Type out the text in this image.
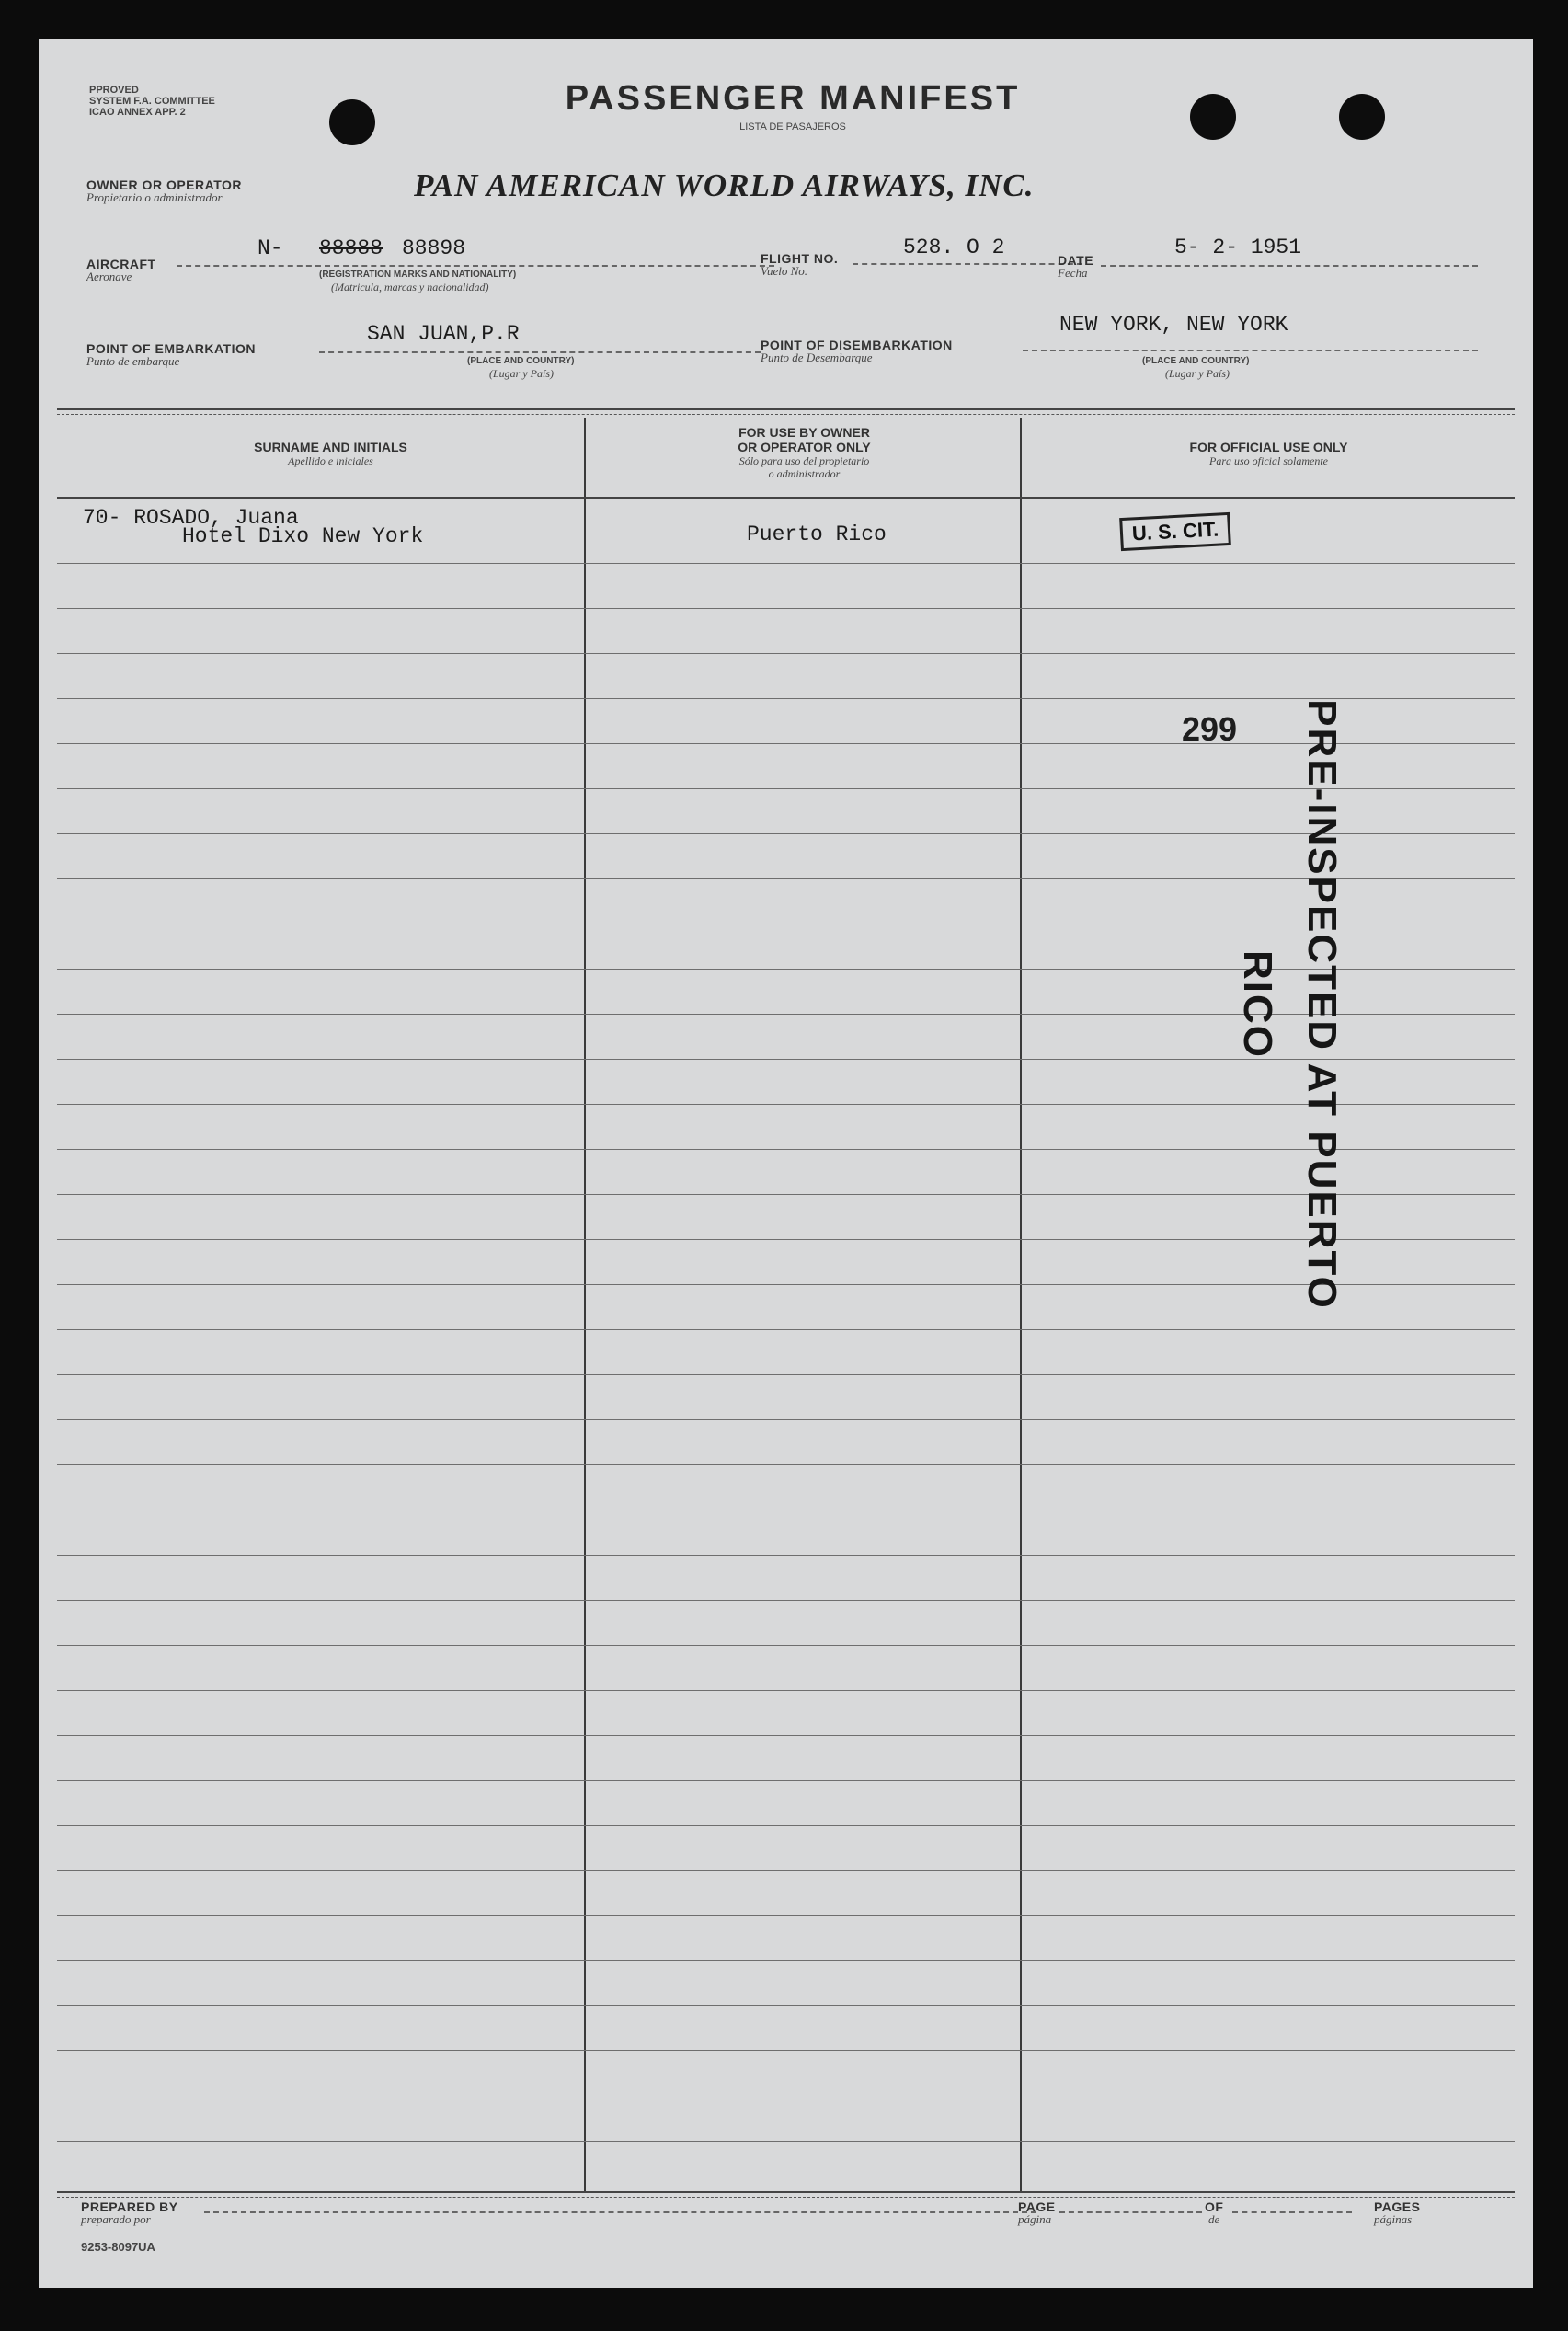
PPROVED
SYSTEM F.A. COMMITTEE
ICAO ANNEX APP. 2	PASSENGER MANIFEST
LISTA DE PASAJEROS
OWNER OR OPERATOR
Propietario o administrador	PAN AMERICAN WORLD AIRWAYS, INC.
AIRCRAFT
Aeronave
N- 88888 88898
(REGISTRATION MARKS AND NATIONALITY)
(Matricula, marcas y nacionalidad)
FLIGHT NO.
Vuelo No.
528. O 2
DATE
Fecha
5- 2- 1951
POINT OF EMBARKATION
Punto de embarque
SAN JUAN,P.R
(PLACE AND COUNTRY)
(Lugar y País)
POINT OF DISEMBARKATION
Punto de Desembarque
NEW YORK, NEW YORK
(PLACE AND COUNTRY)
(Lugar y País)
SURNAME AND INITIALS
Apellido e iniciales
FOR USE BY OWNER
OR OPERATOR ONLY
Sólo para uso del propietario
o administrador
FOR OFFICIAL USE ONLY
Para uso oficial solamente
70- ROSADO, Juana
Hotel Dixo New York	Puerto Rico	U. S. CIT.
299 PRE-INSPECTED AT PUERTO RICO
PREPARED BY
preparado por
PAGE
página
OF
de
PAGES
páginas
9253-8097UA
